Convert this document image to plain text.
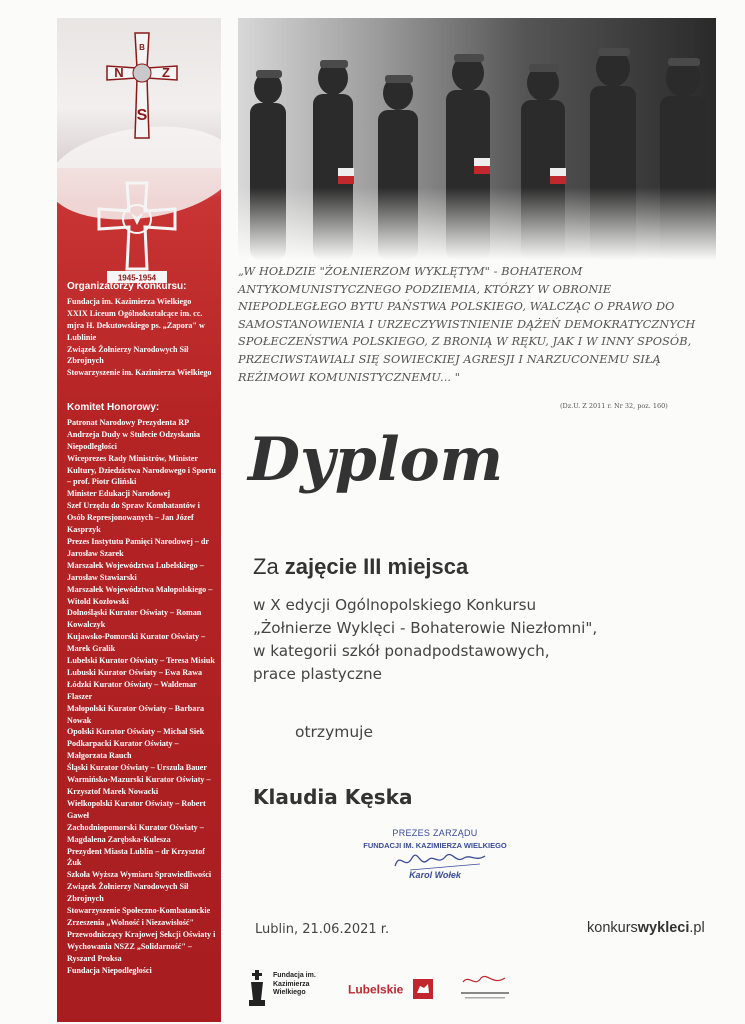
B
N	Z
S
1945-1954
Organizatorzy Konkursu:
Fundacja im. Kazimierza Wielkiego
XXIX Liceum Ogólnokształcące im. cc. mjra H. Dekutowskiego ps. „Zapora" w Lublinie
Związek Żołnierzy Narodowych Sił Zbrojnych
Stowarzyszenie im. Kazimierza Wielkiego
Komitet Honorowy:
Patronat Narodowy Prezydenta RP Andrzeja Dudy w Stulecie Odzyskania Niepodległości
Wiceprezes Rady Ministrów, Minister Kultury, Dziedzictwa Narodowego i Sportu – prof. Piotr Gliński
Minister Edukacji Narodowej
Szef Urzędu do Spraw Kombatantów i Osób Represjonowanych – Jan Józef Kasprzyk
Prezes Instytutu Pamięci Narodowej – dr Jarosław Szarek
Marszałek Województwa Lubelskiego – Jarosław Stawiarski
Marszałek Województwa Małopolskiego – Witold Kozłowski
Dolnośląski Kurator Oświaty – Roman Kowalczyk
Kujawsko-Pomorski Kurator Oświaty – Marek Gralik
Lubelski Kurator Oświaty – Teresa Misiuk
Lubuski Kurator Oświaty – Ewa Rawa
Łódzki Kurator Oświaty – Waldemar Flaszer
Małopolski Kurator Oświaty – Barbara Nowak
Opolski Kurator Oświaty – Michał Siek
Podkarpacki Kurator Oświaty – Małgorzata Rauch
Śląski Kurator Oświaty – Urszula Bauer
Warmińsko-Mazurski Kurator Oświaty – Krzysztof Marek Nowacki
Wielkopolski Kurator Oświaty – Robert Gaweł
Zachodniopomorski Kurator Oświaty – Magdalena Zarębska-Kulesza
Prezydent Miasta Lublin – dr Krzysztof Żuk
Szkoła Wyższa Wymiaru Sprawiedliwości
Związek Żołnierzy Narodowych Sił Zbrojnych
Stowarzyszenie Społeczno-Kombatanckie Zrzeszenia „Wolność i Niezawisłość"
Przewodniczący Krajowej Sekcji Oświaty i Wychowania NSZZ „Solidarność" – Ryszard Proksa
Fundacja Niepodległości
„W HOŁDZIE "ŻOŁNIERZOM WYKLĘTYM" - BOHATEROM ANTYKOMUNISTYCZNEGO PODZIEMIA, KTÓRZY W OBRONIE NIEPODLEGŁEGO BYTU PAŃSTWA POLSKIEGO, WALCZĄC O PRAWO DO SAMOSTANOWIENIA I URZECZYWISTNIENIE DĄŻEŃ DEMOKRATYCZNYCH SPOŁECZEŃSTWA POLSKIEGO, Z BRONIĄ W RĘKU, JAK I W INNY SPOSÓB, PRZECIWSTAWIALI SIĘ SOWIECKIEJ AGRESJI I NARZUCONEMU SIŁĄ REŻIMOWI KOMUNISTYCZNEMU... "
(Dz.U. Z 2011 r. Nr 32, poz. 160)
Dyplom
Za zajęcie III miejsca
w X edycji Ogólnopolskiego Konkursu
„Żołnierze Wyklęci - Bohaterowie Niezłomni",
w kategorii szkół ponadpodstawowych,
prace plastyczne
otrzymuje
Klaudia Kęska
PREZES ZARZĄDU
FUNDACJI IM. KAZIMIERZA WIELKIEGO
Karol Wołek
Lublin, 21.06.2021 r.	konkurswykleci.pl
Fundacja im. Kazimierza Wielkiego	Lubelskie
